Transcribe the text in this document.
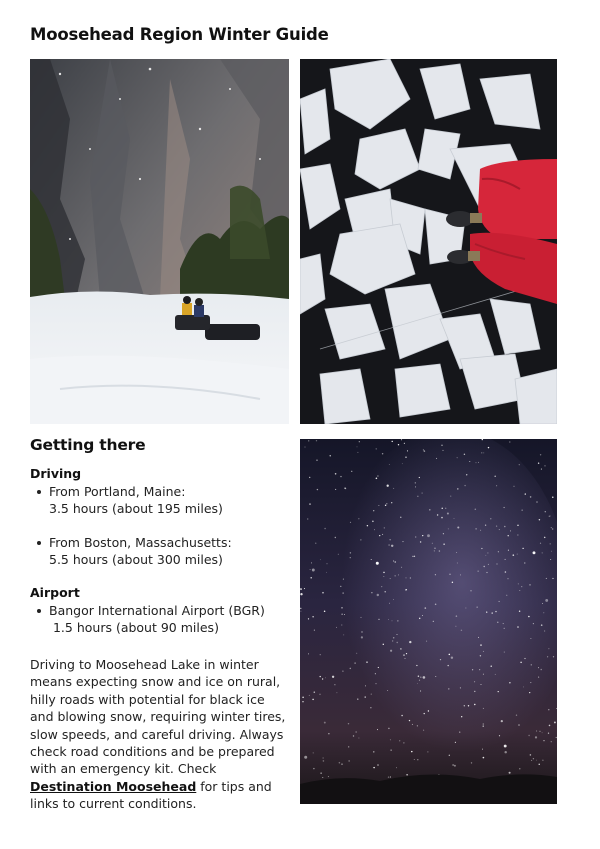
Moosehead Region Winter Guide
Getting there
Driving
From Portland, Maine:
3.5 hours (about 195 miles)
From Boston, Massachusetts:
5.5 hours (about 300 miles)
Airport
Bangor International Airport (BGR)
1.5 hours (about 90 miles)

Driving to Moosehead Lake in winter means expecting snow and ice on rural, hilly roads with potential for black ice and blowing snow, requiring winter tires, slow speeds, and careful driving. Always check road conditions and be prepared with an emergency kit. Check Destination Moosehead for tips and links to current conditions.
